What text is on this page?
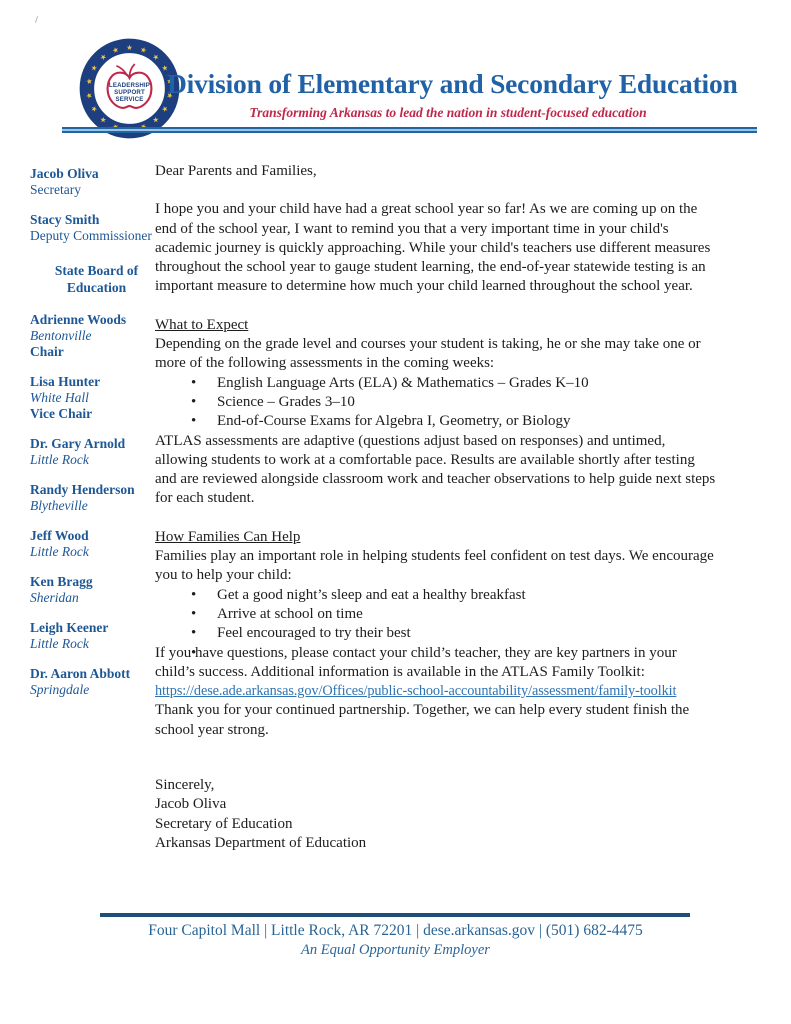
LEADERSHIP
SUPPORT
SERVICE
Division of Elementary and Secondary Education
Transforming Arkansas to lead the nation in student-focused education
Jacob Oliva
Secretary
Stacy Smith
Deputy Commissioner
State Board of Education
Adrienne Woods
Bentonville
Chair
Lisa Hunter
White Hall
Vice Chair
Dr. Gary Arnold
Little Rock
Randy Henderson
Blytheville
Jeff Wood
Little Rock
Ken Bragg
Sheridan
Leigh Keener
Little Rock
Dr. Aaron Abbott
Springdale

Dear Parents and Families,

I hope you and your child have had a great school year so far! As we are coming up on the end of the school year, I want to remind you that a very important time in your child's academic journey is quickly approaching. While your child's teachers use different measures throughout the school year to gauge student learning, the end-of-year statewide testing is an important measure to determine how much your child learned throughout the school year.

What to Expect
Depending on the grade level and courses your student is taking, he or she may take one or more of the following assessments in the coming weeks:
• English Language Arts (ELA) & Mathematics – Grades K–10
• Science – Grades 3–10
• End-of-Course Exams for Algebra I, Geometry, or Biology

ATLAS assessments are adaptive (questions adjust based on responses) and untimed, allowing students to work at a comfortable pace. Results are available shortly after testing and are reviewed alongside classroom work and teacher observations to help guide next steps for each student.

How Families Can Help
Families play an important role in helping students feel confident on test days. We encourage you to help your child:
• Get a good night’s sleep and eat a healthy breakfast
• Arrive at school on time
• Feel encouraged to try their best

If you have questions, please contact your child’s teacher, they are key partners in your child’s success. Additional information is available in the ATLAS Family Toolkit:
https://dese.ade.arkansas.gov/Offices/public-school-accountability/assessment/family-toolkit
Thank you for your continued partnership. Together, we can help every student finish the school year strong.

Sincerely,
Jacob Oliva
Secretary of Education
Arkansas Department of Education
Four Capitol Mall | Little Rock, AR 72201 | dese.arkansas.gov | (501) 682-4475
An Equal Opportunity Employer
